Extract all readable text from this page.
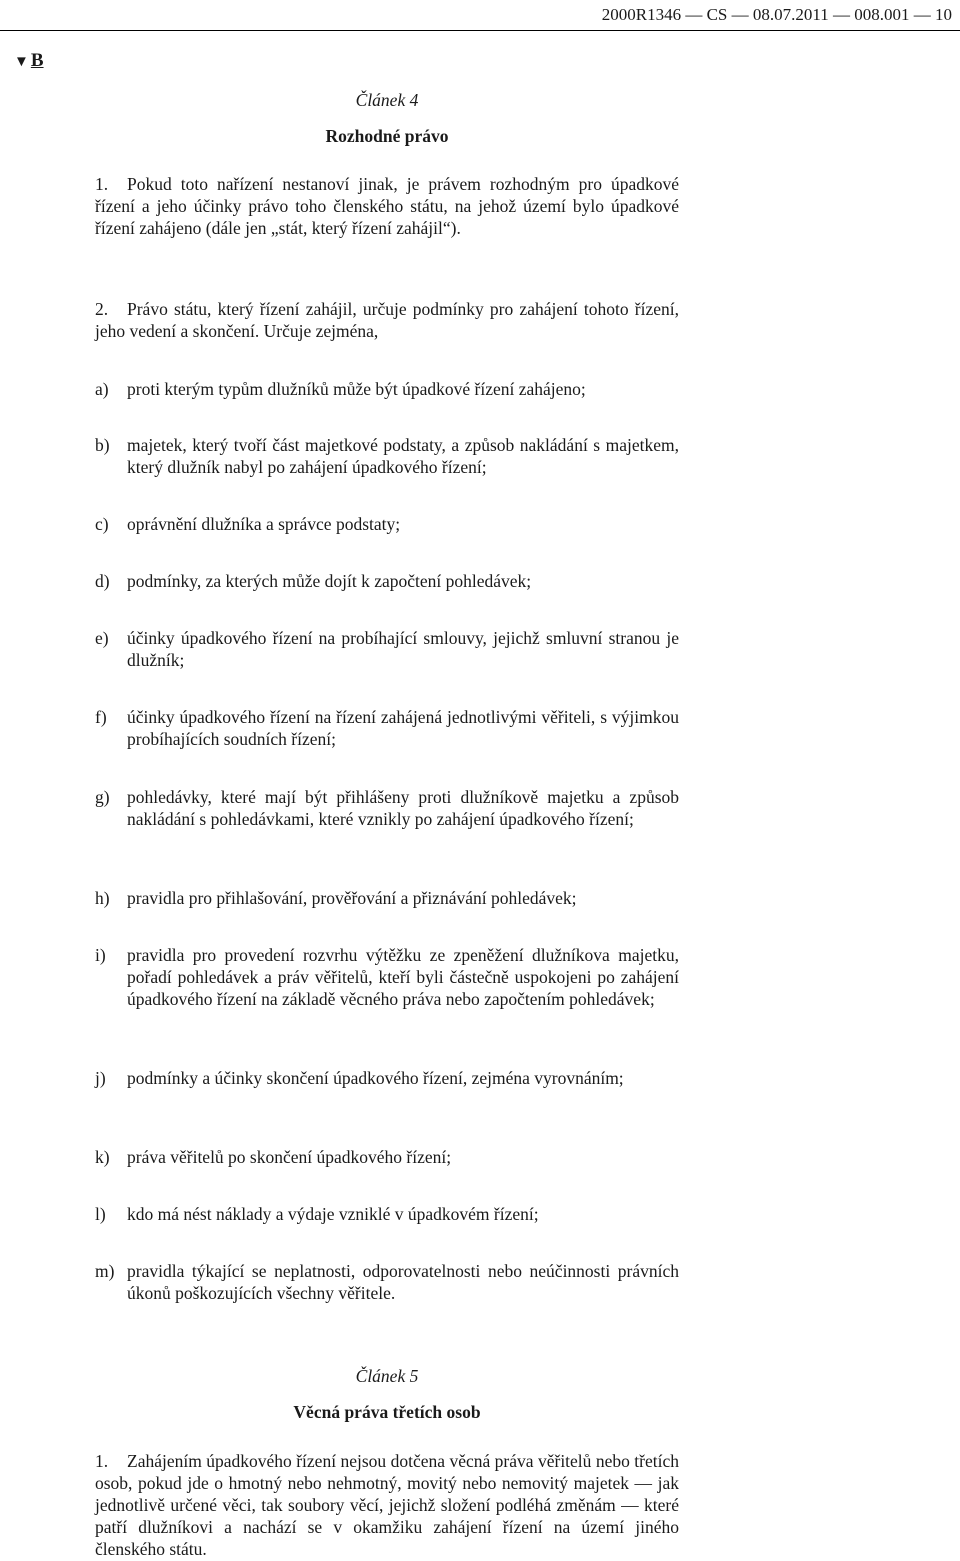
2000R1346 — CS — 08.07.2011 — 008.001 — 10
▼ B
Článek 4
Rozhodné právo
1. Pokud toto nařízení nestanoví jinak, je právem rozhodným pro úpadkové řízení a jeho účinky právo toho členského státu, na jehož území bylo úpadkové řízení zahájeno (dále jen „stát, který řízení zahájil“).
2. Právo státu, který řízení zahájil, určuje podmínky pro zahájení tohoto řízení, jeho vedení a skončení. Určuje zejména,
a) proti kterým typům dlužníků může být úpadkové řízení zahájeno;
b) majetek, který tvoří část majetkové podstaty, a způsob nakládání s majetkem, který dlužník nabyl po zahájení úpadkového řízení;
c) oprávnění dlužníka a správce podstaty;
d) podmínky, za kterých může dojít k započtení pohledávek;
e) účinky úpadkového řízení na probíhající smlouvy, jejichž smluvní stranou je dlužník;
f) účinky úpadkového řízení na řízení zahájená jednotlivými věřiteli, s výjimkou probíhajících soudních řízení;
g) pohledávky, které mají být přihlášeny proti dlužníkově majetku a způsob nakládání s pohledávkami, které vznikly po zahájení úpadkového řízení;
h) pravidla pro přihlašování, prověřování a přiznávání pohledávek;
i) pravidla pro provedení rozvrhu výtěžku ze zpeněžení dlužníkova majetku, pořadí pohledávek a práv věřitelů, kteří byli částečně uspokojeni po zahájení úpadkového řízení na základě věcného práva nebo započtením pohledávek;
j) podmínky a účinky skončení úpadkového řízení, zejména vyrovnáním;
k) práva věřitelů po skončení úpadkového řízení;
l) kdo má nést náklady a výdaje vzniklé v úpadkovém řízení;
m) pravidla týkající se neplatnosti, odporovatelnosti nebo neúčinnosti právních úkonů poškozujících všechny věřitele.
Článek 5
Věcná práva třetích osob
1. Zahájením úpadkového řízení nejsou dotčena věcná práva věřitelů nebo třetích osob, pokud jde o hmotný nebo nehmotný, movitý nebo nemovitý majetek — jak jednotlivě určené věci, tak soubory věcí, jejichž složení podléhá změnám — které patří dlužníkovi a nachází se v okamžiku zahájení řízení na území jiného členského státu.
